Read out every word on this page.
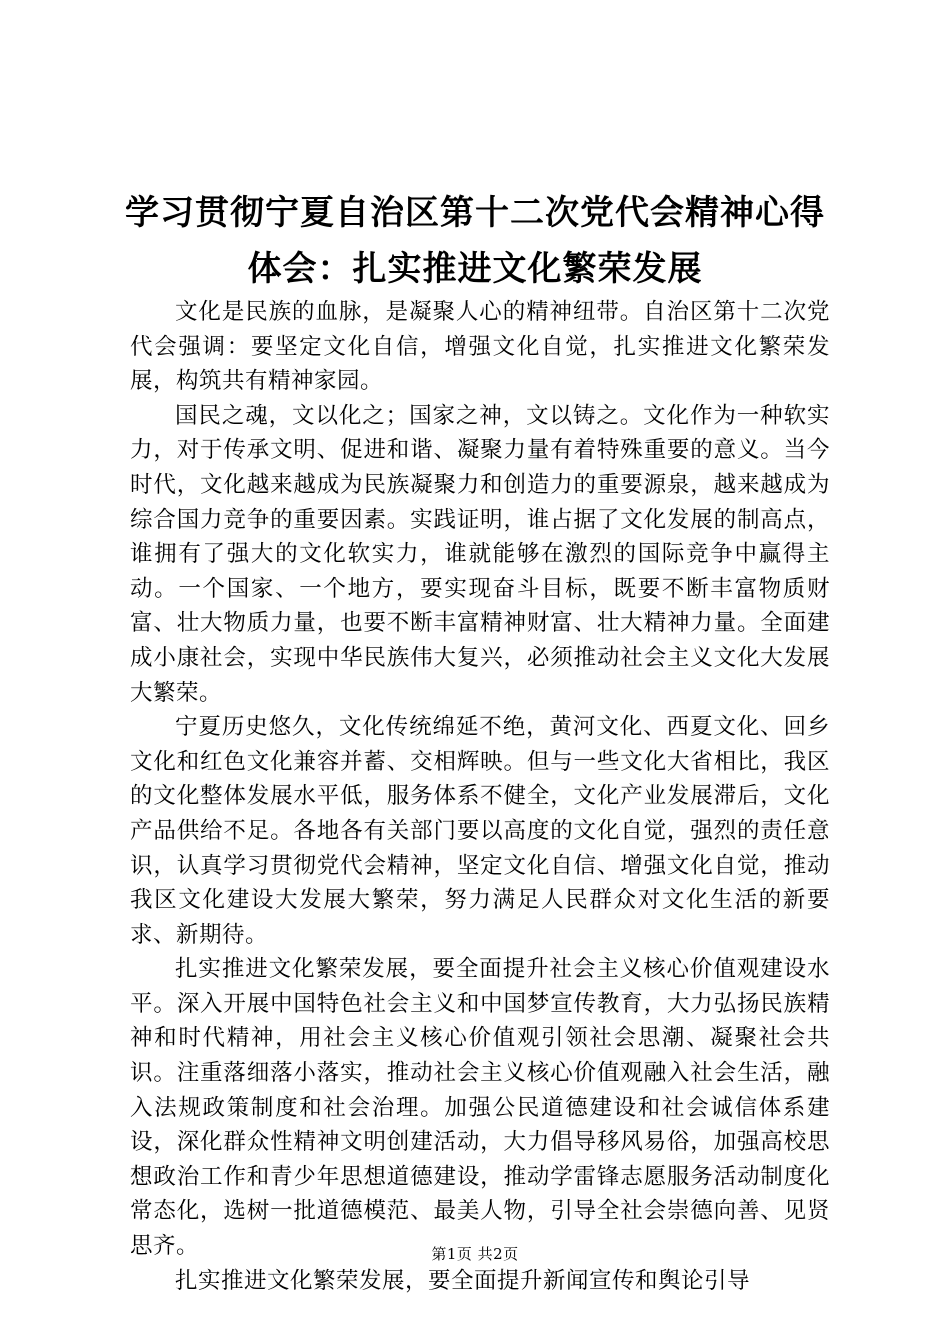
学习贯彻宁夏自治区第十二次党代会精神心得
体会：扎实推进文化繁荣发展

文化是民族的血脉，是凝聚人心的精神纽带。自治区第十二次党代会强调：要坚定文化自信，增强文化自觉，扎实推进文化繁荣发展，构筑共有精神家园。

国民之魂，文以化之；国家之神，文以铸之。文化作为一种软实力，对于传承文明、促进和谐、凝聚力量有着特殊重要的意义。当今时代，文化越来越成为民族凝聚力和创造力的重要源泉，越来越成为综合国力竞争的重要因素。实践证明，谁占据了文化发展的制高点，谁拥有了强大的文化软实力，谁就能够在激烈的国际竞争中赢得主动。一个国家、一个地方，要实现奋斗目标，既要不断丰富物质财富、壮大物质力量，也要不断丰富精神财富、壮大精神力量。全面建成小康社会，实现中华民族伟大复兴，必须推动社会主义文化大发展大繁荣。

宁夏历史悠久，文化传统绵延不绝，黄河文化、西夏文化、回乡文化和红色文化兼容并蓄、交相辉映。但与一些文化大省相比，我区的文化整体发展水平低，服务体系不健全，文化产业发展滞后，文化产品供给不足。各地各有关部门要以高度的文化自觉，强烈的责任意识，认真学习贯彻党代会精神，坚定文化自信、增强文化自觉，推动我区文化建设大发展大繁荣，努力满足人民群众对文化生活的新要求、新期待。

扎实推进文化繁荣发展，要全面提升社会主义核心价值观建设水平。深入开展中国特色社会主义和中国梦宣传教育，大力弘扬民族精神和时代精神，用社会主义核心价值观引领社会思潮、凝聚社会共识。注重落细落小落实，推动社会主义核心价值观融入社会生活，融入法规政策制度和社会治理。加强公民道德建设和社会诚信体系建设，深化群众性精神文明创建活动，大力倡导移风易俗，加强高校思想政治工作和青少年思想道德建设，推动学雷锋志愿服务活动制度化常态化，选树一批道德模范、最美人物，引导全社会崇德向善、见贤思齐。

扎实推进文化繁荣发展，要全面提升新闻宣传和舆论引导

第1页 共2页
